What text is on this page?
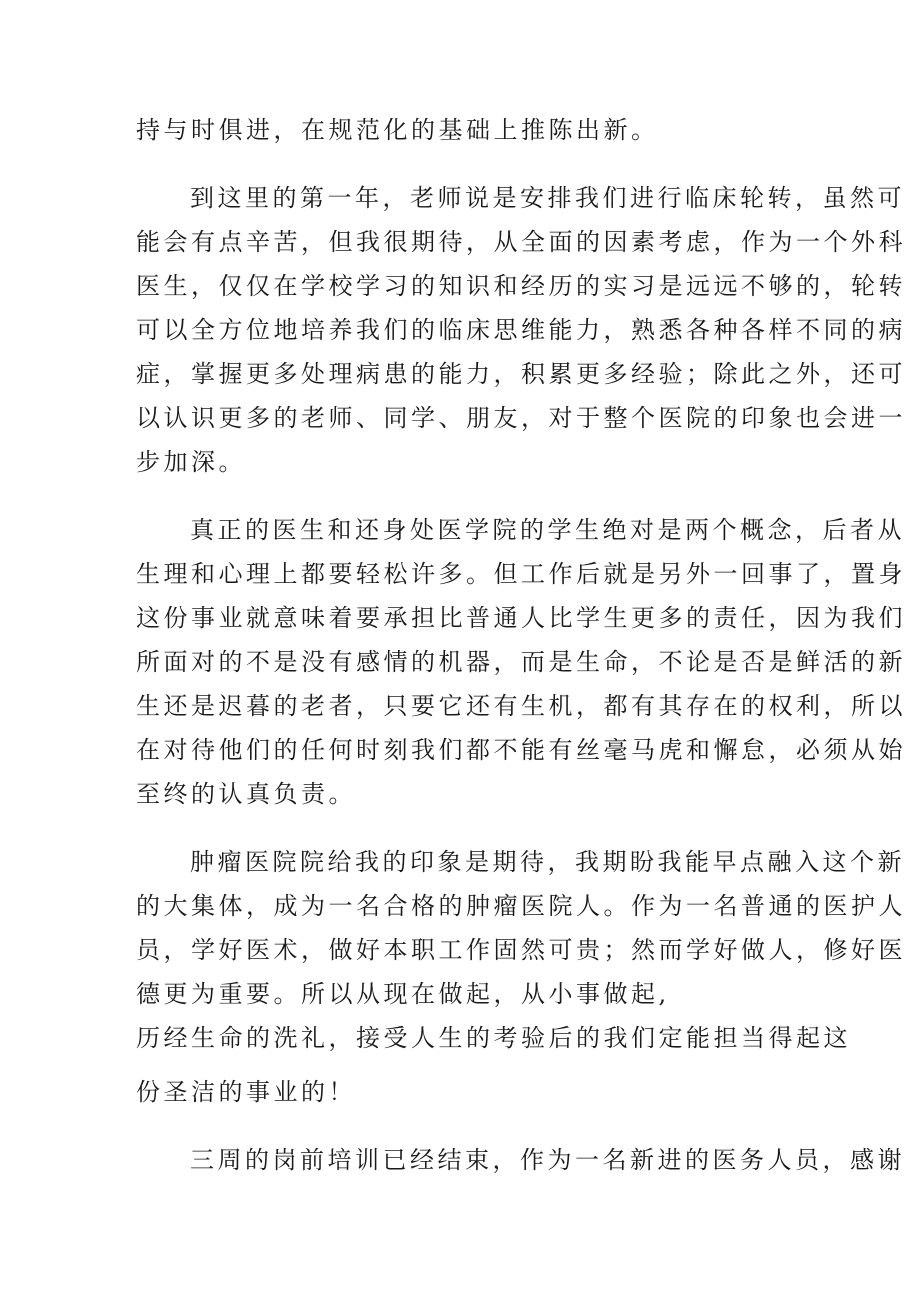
持与时俱进，在规范化的基础上推陈出新。
到这里的第一年，老师说是安排我们进行临床轮转，虽然可
能会有点辛苦，但我很期待，从全面的因素考虑，作为一个外科
医生，仅仅在学校学习的知识和经历的实习是远远不够的，轮转
可以全方位地培养我们的临床思维能力，熟悉各种各样不同的病
症，掌握更多处理病患的能力，积累更多经验；除此之外，还可
以认识更多的老师、同学、朋友，对于整个医院的印象也会进一
步加深。
真正的医生和还身处医学院的学生绝对是两个概念，后者从
生理和心理上都要轻松许多。但工作后就是另外一回事了，置身
这份事业就意味着要承担比普通人比学生更多的责任，因为我们
所面对的不是没有感情的机器，而是生命，不论是否是鲜活的新
生还是迟暮的老者，只要它还有生机，都有其存在的权利，所以
在对待他们的任何时刻我们都不能有丝毫马虎和懈怠，必须从始
至终的认真负责。
肿瘤医院院给我的印象是期待，我期盼我能早点融入这个新
的大集体，成为一名合格的肿瘤医院人。作为一名普通的医护人
员，学好医术，做好本职工作固然可贵；然而学好做人，修好医
德更为重要。所以从现在做起，从小事做起,
历经生命的洗礼，接受人生的考验后的我们定能担当得起这
份圣洁的事业的！
三周的岗前培训已经结束，作为一名新进的医务人员，感谢
